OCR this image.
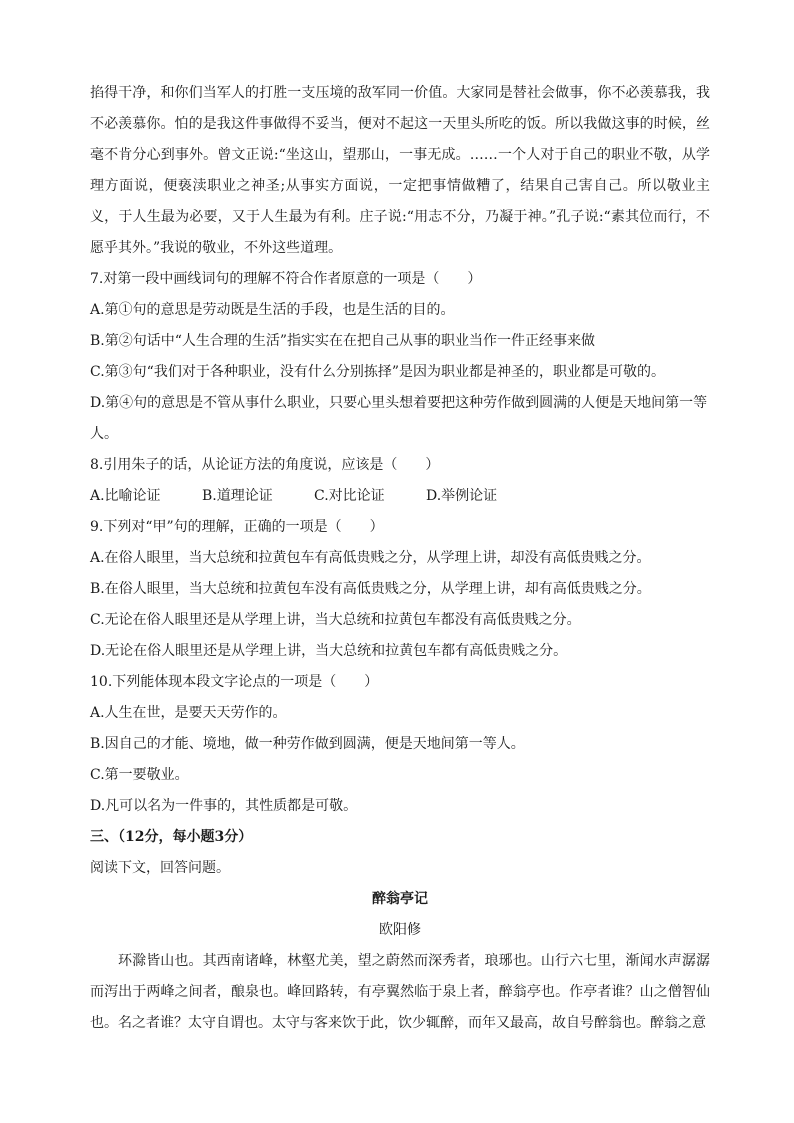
掐得干净，和你们当军人的打胜一支压境的敌军同一价值。大家同是替社会做事，你不必羡慕我，我不必羡慕你。怕的是我这件事做得不妥当，便对不起这一天里头所吃的饭。所以我做这事的时候，丝毫不肯分心到事外。曾文正说:“坐这山，望那山，一事无成。……一个人对于自己的职业不敬，从学理方面说，便亵渎职业之神圣;从事实方面说，一定把事情做糟了，结果自己害自己。所以敬业主义，于人生最为必要，又于人生最为有利。庄子说:“用志不分，乃凝于神。”孔子说:“素其位而行，不愿乎其外。”我说的敬业，不外这些道理。

7.对第一段中画线词句的理解不符合作者原意的一项是（　　）

A.第①句的意思是劳动既是生活的手段，也是生活的目的。

B.第②句话中“人生合理的生活”指实实在在把自己从事的职业当作一件正经事来做

C.第③句“我们对于各种职业，没有什么分别拣择”是因为职业都是神圣的，职业都是可敬的。

D.第④句的意思是不管从事什么职业，只要心里头想着要把这种劳作做到圆满的人便是天地间第一等人。

8.引用朱子的话，从论证方法的角度说，应该是（　　）

A.比喻论证	B.道理论证	C.对比论证	D.举例论证

9.下列对“甲”句的理解，正确的一项是（　　）

A.在俗人眼里，当大总统和拉黄包车有高低贵贱之分，从学理上讲，却没有高低贵贱之分。

B.在俗人眼里，当大总统和拉黄包车没有高低贵贱之分，从学理上讲，却有高低贵贱之分。

C.无论在俗人眼里还是从学理上讲，当大总统和拉黄包车都没有高低贵贱之分。

D.无论在俗人眼里还是从学理上讲，当大总统和拉黄包车都有高低贵贱之分。

10.下列能体现本段文字论点的一项是（　　）

A.人生在世，是要天天劳作的。

B.因自己的才能、境地，做一种劳作做到圆满，便是天地间第一等人。

C.第一要敬业。

D.凡可以名为一件事的，其性质都是可敬。

三、（12分，每小题3分）

阅读下文，回答问题。

醉翁亭记

欧阳修

环滁皆山也。其西南诸峰，林壑尤美，望之蔚然而深秀者，琅琊也。山行六七里，渐闻水声潺潺而泻出于两峰之间者，酿泉也。峰回路转，有亭翼然临于泉上者，醉翁亭也。作亭者谁？山之僧智仙也。名之者谁？太守自谓也。太守与客来饮于此，饮少辄醉，而年又最高，故自号醉翁也。醉翁之意
